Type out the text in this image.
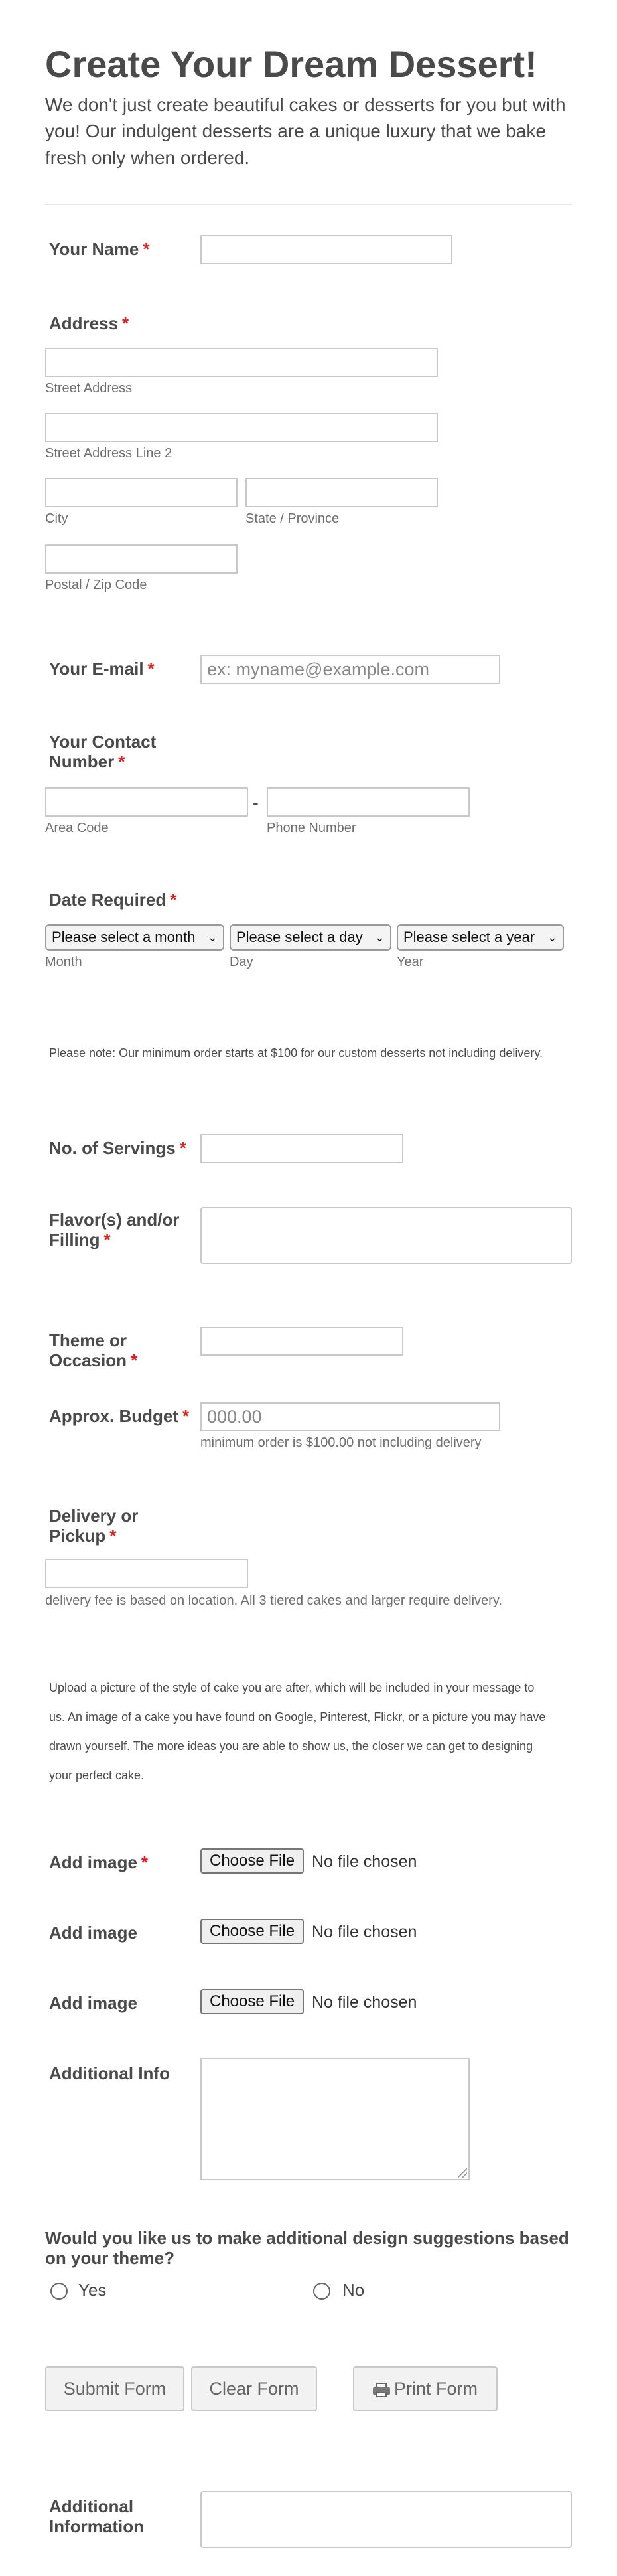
Create Your Dream Dessert!
We don't just create beautiful cakes or desserts for you but with you! Our indulgent desserts are a unique luxury that we bake fresh only when ordered.
Your Name *
Address *
Street Address
Street Address Line 2
City	State / Province
Postal / Zip Code
Your E-mail *	ex: myname@example.com
Your Contact
Number *
-
Area Code	Phone Number
Date Required *
Please select a month ⌄	Please select a day ⌄	Please select a year ⌄
Month	Day	Year
Please note: Our minimum order starts at $100 for our custom desserts not including delivery.
No. of Servings *
Flavor(s) and/or
Filling *
Theme or
Occasion *
Approx. Budget * 000.00
minimum order is $100.00 not including delivery
Delivery or
Pickup *
delivery fee is based on location. All 3 tiered cakes and larger require delivery.
Upload a picture of the style of cake you are after, which will be included in your message to
us. An image of a cake you have found on Google, Pinterest, Flickr, or a picture you may have
drawn yourself. The more ideas you are able to show us, the closer we can get to designing
your perfect cake.
Add image *	Choose File	No file chosen
Add image	Choose File	No file chosen
Add image	Choose File	No file chosen
Additional Info
Would you like us to make additional design suggestions based
on your theme?
Yes	No
Submit Form	Clear Form	Print Form
Additional
Information
